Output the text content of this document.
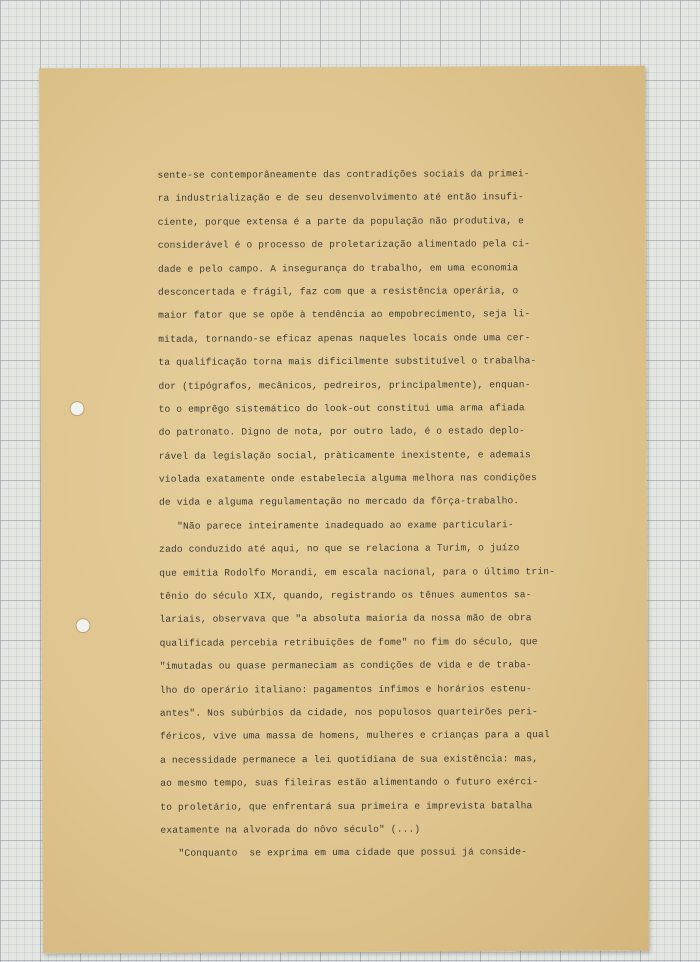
sente-se contemporâneamente das contradições sociais da primei-
ra industrialização e de seu desenvolvimento até então insufi-
ciente, porque extensa é a parte da população não produtiva, e
considerável é o processo de proletarização alimentado pela ci-
dade e pelo campo. A insegurança do trabalho, em uma economia
desconcertada e frágil, faz com que a resistência operária, o
maior fator que se opõe à tendência ao empobrecimento, seja li-
mitada, tornando-se eficaz apenas naqueles locais onde uma cer-
ta qualificação torna mais dificilmente substituível o trabalha-
dor (tipógrafos, mecânicos, pedreiros, principalmente), enquan-
to o emprêgo sistemático do look-out constitui uma arma afiada
do patronato. Digno de nota, por outro lado, é o estado deplo-
rável da legislação social, pràticamente inexistente, e ademais
violada exatamente onde estabelecia alguma melhora nas condições
de vida e alguma regulamentação no mercado da fôrça-trabalho.
"Não parece inteiramente inadequado ao exame particulari-
zado conduzido até aqui, no que se relaciona a Turim, o juízo
que emitia Rodolfo Morandi, em escala nacional, para o último trin-
tênio do século XIX, quando, registrando os tênues aumentos sa-
lariais, observava que "a absoluta maioria da nossa mão de obra
qualificada percebia retribuições de fome" no fim do século, que
"imutadas ou quase permaneciam as condições de vida e de traba-
lho do operário italiano: pagamentos ínfimos e horários estenu-
antes". Nos subúrbios da cidade, nos populosos quarteirões peri-
féricos, vive uma massa de homens, mulheres e crianças para a qual
a necessidade permanece a lei quotidiana de sua existência: mas,
ao mesmo tempo, suas fileiras estão alimentando o futuro exérci-
to proletário, que enfrentará sua primeira e imprevista batalha
exatamente na alvorada do nôvo século" (...)
"Conquanto  se exprima em uma cidade que possui já conside-
